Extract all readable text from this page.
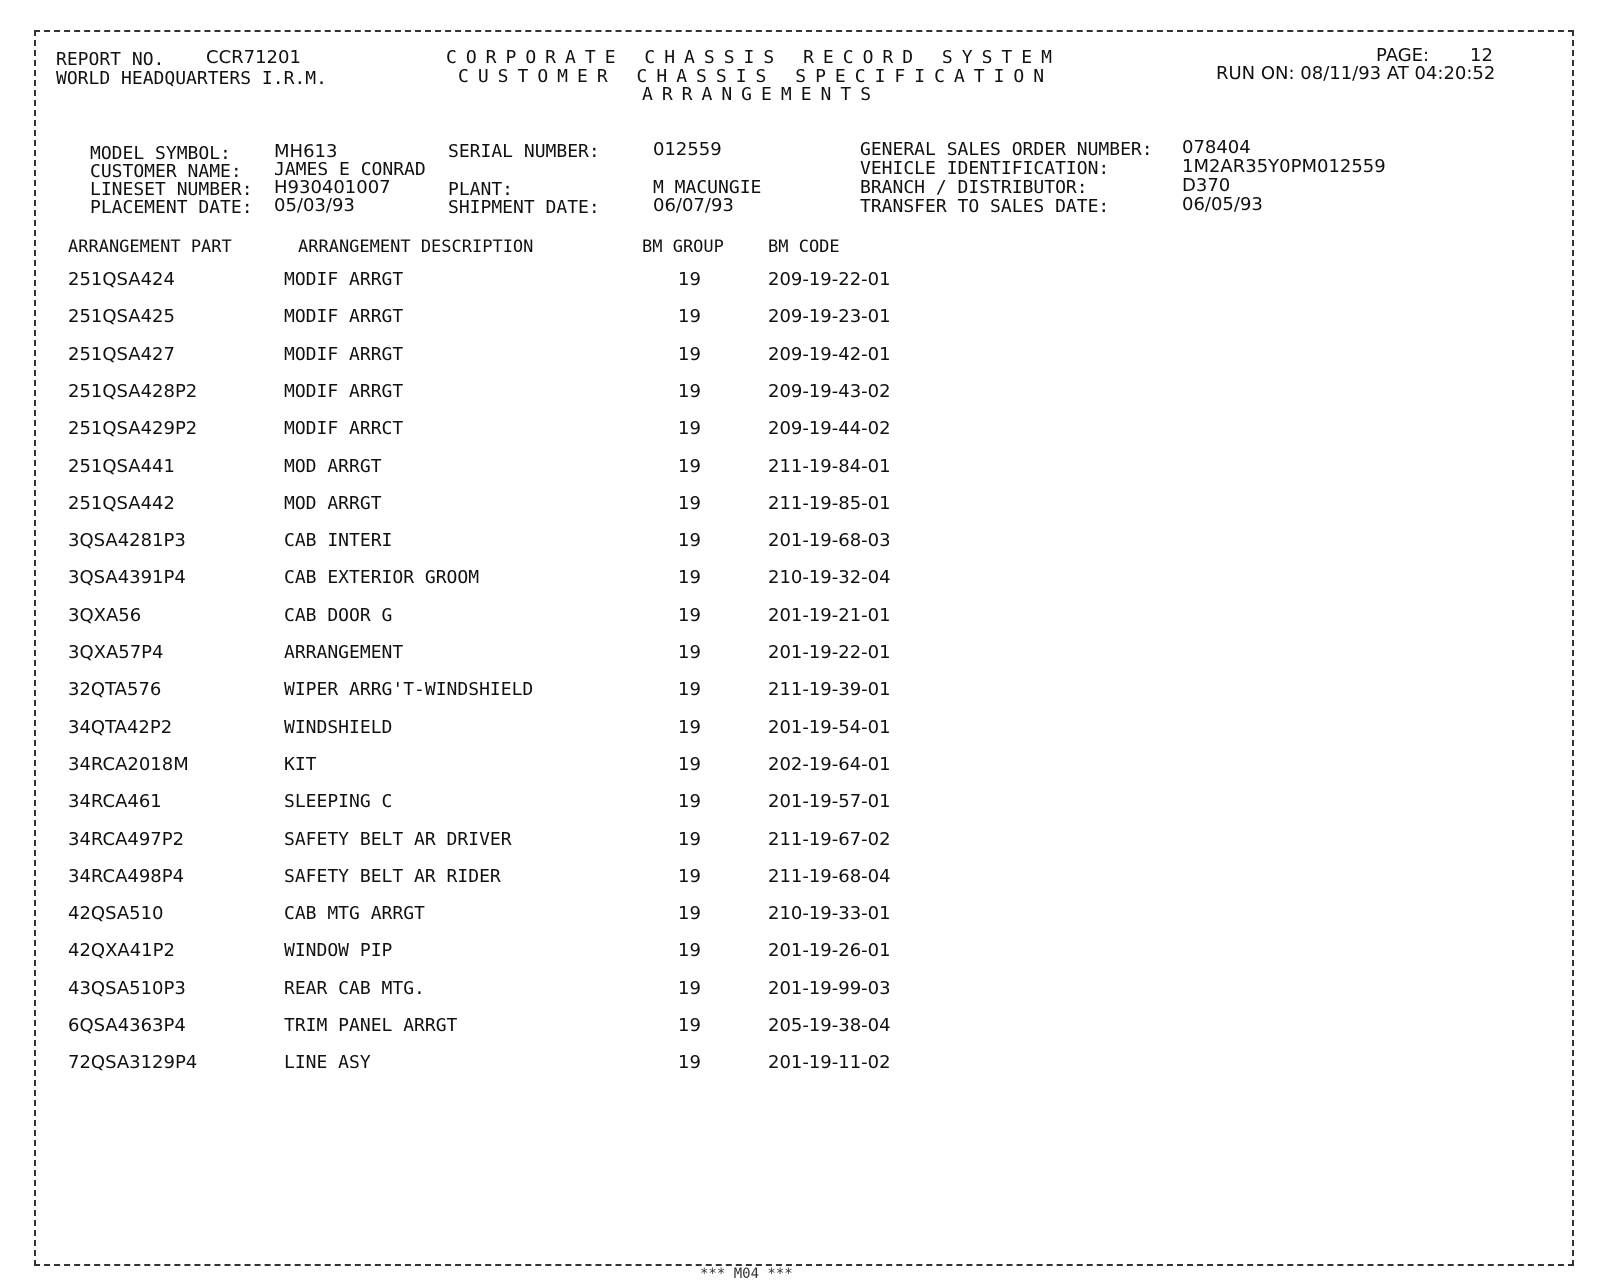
REPORT NO. CCR71201
WORLD HEADQUARTERS I.R.M.
CORPORATE CHASSIS RECORD SYSTEM
CUSTOMER CHASSIS SPECIFICATION
ARRANGEMENTS
PAGE: 12
RUN ON: 08/11/93 AT 04:20:52
MODEL SYMBOL: MH613
CUSTOMER NAME: JAMES E CONRAD
LINESET NUMBER: H930401007
PLACEMENT DATE: 05/03/93
SERIAL NUMBER:	012559
PLANT:	M MACUNGIE
SHIPMENT DATE:	06/07/93
GENERAL SALES ORDER NUMBER: 078404
VEHICLE IDENTIFICATION:	1M2AR35Y0PM012559
BRANCH / DISTRIBUTOR:	D370
TRANSFER TO SALES DATE:	06/05/93
ARRANGEMENT PART	ARRANGEMENT DESCRIPTION	BM GROUP	BM CODE
251QSA424	MODIF ARRGT	19	209-19-22-01
251QSA425	MODIF ARRGT	19	209-19-23-01
251QSA427	MODIF ARRGT	19	209-19-42-01
251QSA428P2	MODIF ARRGT	19	209-19-43-02
251QSA429P2	MODIF ARRCT	19	209-19-44-02
251QSA441	MOD ARRGT	19	211-19-84-01
251QSA442	MOD ARRGT	19	211-19-85-01
3QSA4281P3	CAB INTERI	19	201-19-68-03
3QSA4391P4	CAB EXTERIOR GROOM	19	210-19-32-04
3QXA56	CAB DOOR G	19	201-19-21-01
3QXA57P4	ARRANGEMENT	19	201-19-22-01
32QTA576	WIPER ARRG'T-WINDSHIELD	19	211-19-39-01
34QTA42P2	WINDSHIELD	19	201-19-54-01
34RCA2018M	KIT	19	202-19-64-01
34RCA461	SLEEPING C	19	201-19-57-01
34RCA497P2	SAFETY BELT AR DRIVER	19	211-19-67-02
34RCA498P4	SAFETY BELT AR RIDER	19	211-19-68-04
42QSA510	CAB MTG ARRGT	19	210-19-33-01
42QXA41P2	WINDOW PIP	19	201-19-26-01
43QSA510P3	REAR CAB MTG.	19	201-19-99-03
6QSA4363P4	TRIM PANEL ARRGT	19	205-19-38-04
72QSA3129P4	LINE ASY	19	201-19-11-02
*** M04 ***
